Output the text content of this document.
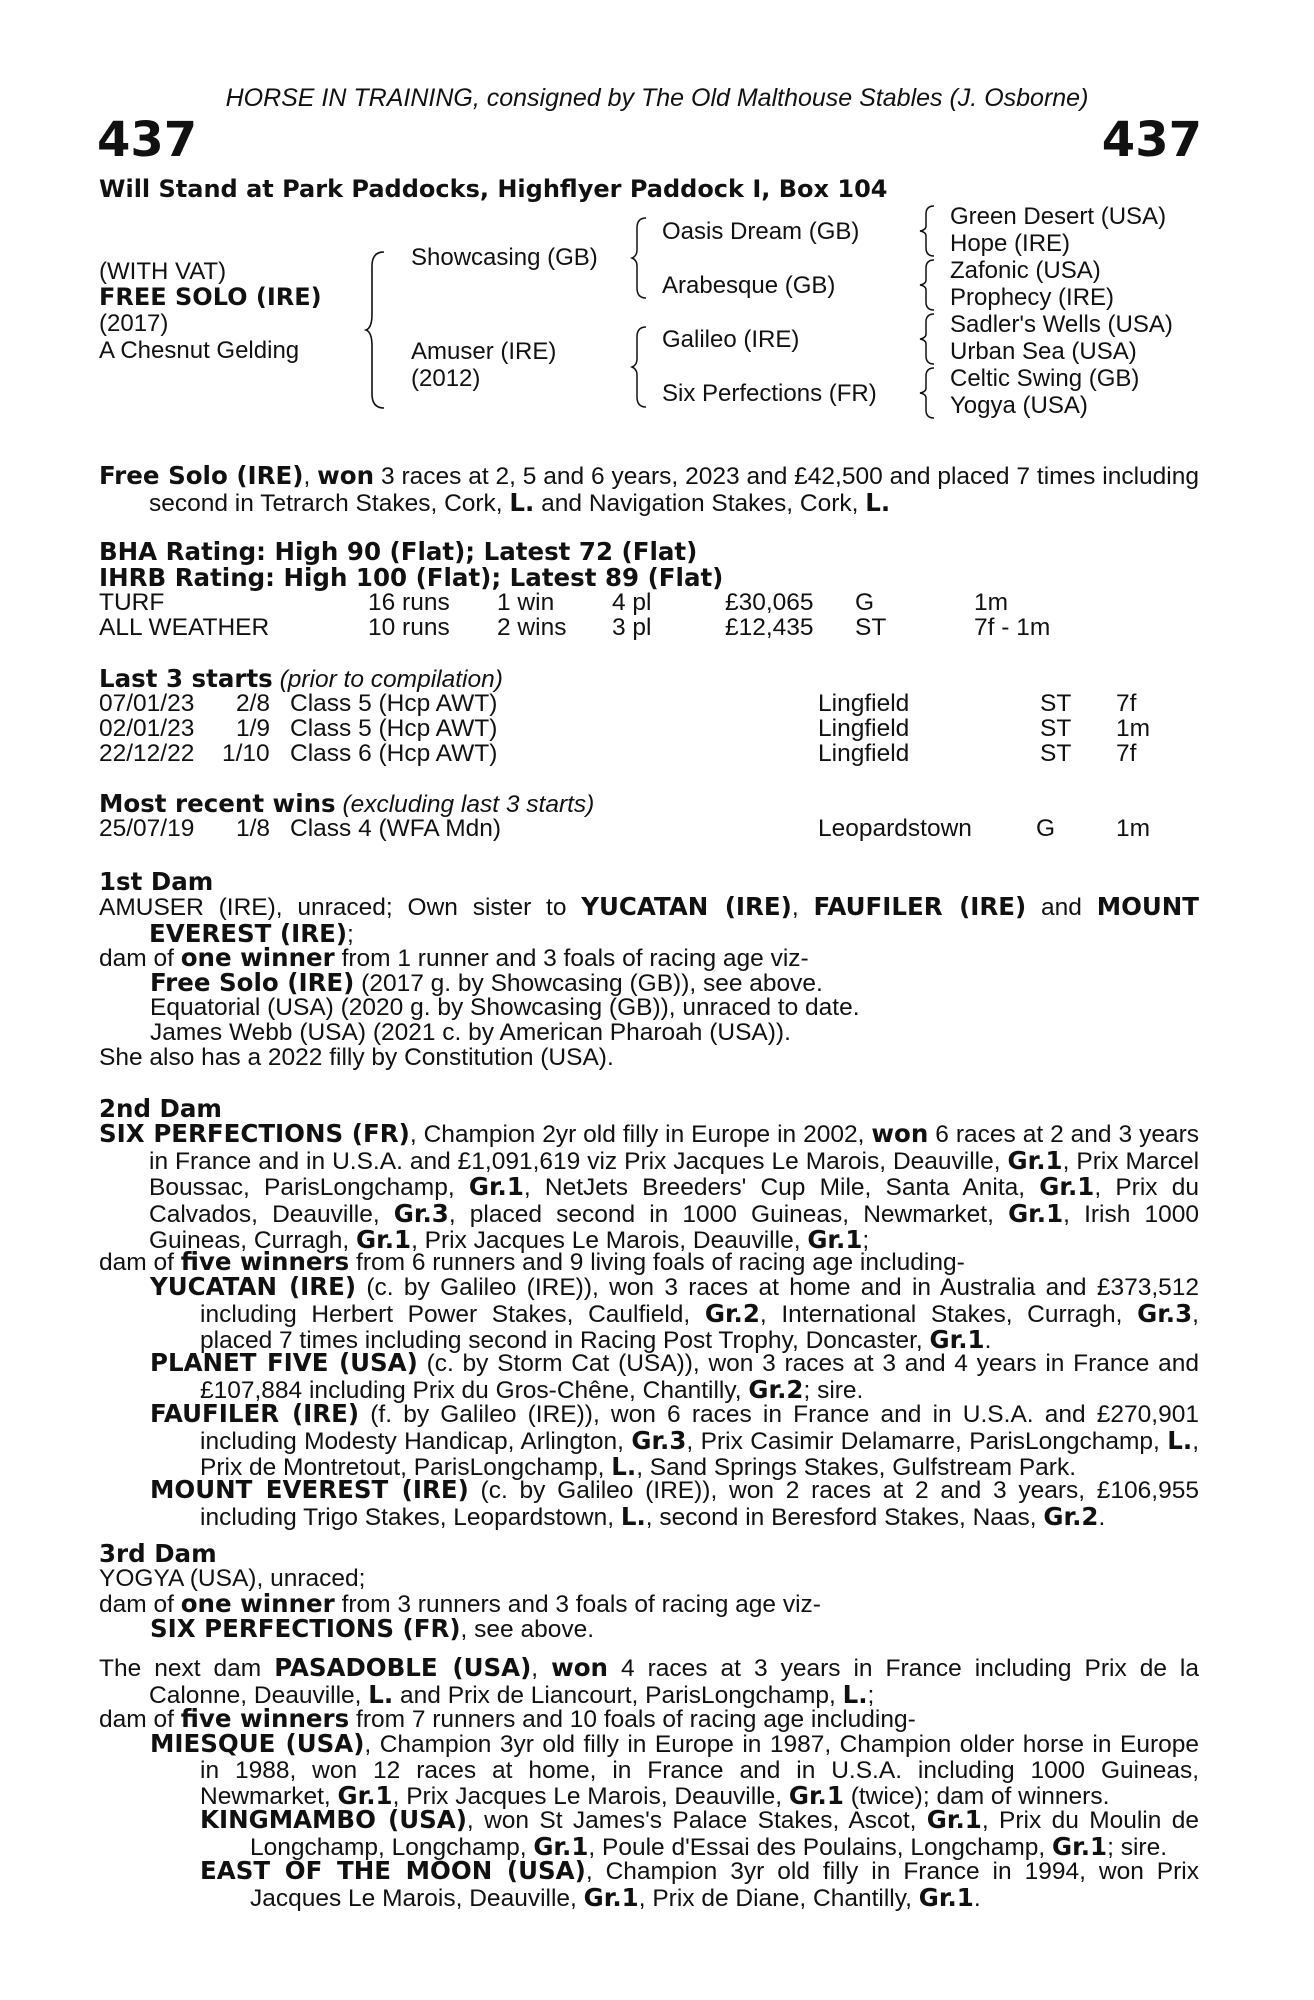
HORSE IN TRAINING, consigned by The Old Malthouse Stables (J. Osborne)
437	437
Will Stand at Park Paddocks, Highflyer Paddock I, Box 104
(WITH VAT)
FREE SOLO (IRE)
(2017)
A Chesnut Gelding
Showcasing (GB)
Amuser (IRE)
(2012)
Oasis Dream (GB)
Arabesque (GB)
Galileo (IRE)
Six Perfections (FR)
Green Desert (USA)
Hope (IRE)
Zafonic (USA)
Prophecy (IRE)
Sadler's Wells (USA)
Urban Sea (USA)
Celtic Swing (GB)
Yogya (USA)
Free Solo (IRE), won 3 races at 2, 5 and 6 years, 2023 and £42,500 and placed 7 times including second in Tetrarch Stakes, Cork, L. and Navigation Stakes, Cork, L.
BHA Rating: High 90 (Flat); Latest 72 (Flat)
IHRB Rating: High 100 (Flat); Latest 89 (Flat)
TURF	16 runs 1 win 4 pl	£30,065 G	1m
ALL WEATHER	10 runs 2 wins 3 pl	£12,435 ST	7f - 1m
Last 3 starts (prior to compilation)
07/01/23 2/8 Class 5 (Hcp AWT)	Lingfield	ST 7f
02/01/23 1/9 Class 5 (Hcp AWT)	Lingfield	ST 1m
22/12/22 1/10 Class 6 (Hcp AWT)	Lingfield	ST 7f
Most recent wins (excluding last 3 starts)
25/07/19 1/8 Class 4 (WFA Mdn)	Leopardstown	G 1m
1st Dam
AMUSER (IRE), unraced; Own sister to YUCATAN (IRE), FAUFILER (IRE) and MOUNT EVEREST (IRE);
dam of one winner from 1 runner and 3 foals of racing age viz-
Free Solo (IRE) (2017 g. by Showcasing (GB)), see above.
Equatorial (USA) (2020 g. by Showcasing (GB)), unraced to date.
James Webb (USA) (2021 c. by American Pharoah (USA)).
She also has a 2022 filly by Constitution (USA).
2nd Dam
SIX PERFECTIONS (FR), Champion 2yr old filly in Europe in 2002, won 6 races at 2 and 3 years in France and in U.S.A. and £1,091,619 viz Prix Jacques Le Marois, Deauville, Gr.1, Prix Marcel Boussac, ParisLongchamp, Gr.1, NetJets Breeders' Cup Mile, Santa Anita, Gr.1, Prix du Calvados, Deauville, Gr.3, placed second in 1000 Guineas, Newmarket, Gr.1, Irish 1000 Guineas, Curragh, Gr.1, Prix Jacques Le Marois, Deauville, Gr.1;
dam of five winners from 6 runners and 9 living foals of racing age including-
YUCATAN (IRE) (c. by Galileo (IRE)), won 3 races at home and in Australia and £373,512 including Herbert Power Stakes, Caulfield, Gr.2, International Stakes, Curragh, Gr.3, placed 7 times including second in Racing Post Trophy, Doncaster, Gr.1.
PLANET FIVE (USA) (c. by Storm Cat (USA)), won 3 races at 3 and 4 years in France and £107,884 including Prix du Gros-Chêne, Chantilly, Gr.2; sire.
FAUFILER (IRE) (f. by Galileo (IRE)), won 6 races in France and in U.S.A. and £270,901 including Modesty Handicap, Arlington, Gr.3, Prix Casimir Delamarre, ParisLongchamp, L., Prix de Montretout, ParisLongchamp, L., Sand Springs Stakes, Gulfstream Park.
MOUNT EVEREST (IRE) (c. by Galileo (IRE)), won 2 races at 2 and 3 years, £106,955 including Trigo Stakes, Leopardstown, L., second in Beresford Stakes, Naas, Gr.2.
3rd Dam
YOGYA (USA), unraced;
dam of one winner from 3 runners and 3 foals of racing age viz-
SIX PERFECTIONS (FR), see above.
The next dam PASADOBLE (USA), won 4 races at 3 years in France including Prix de la Calonne, Deauville, L. and Prix de Liancourt, ParisLongchamp, L.;
dam of five winners from 7 runners and 10 foals of racing age including-
MIESQUE (USA), Champion 3yr old filly in Europe in 1987, Champion older horse in Europe in 1988, won 12 races at home, in France and in U.S.A. including 1000 Guineas, Newmarket, Gr.1, Prix Jacques Le Marois, Deauville, Gr.1 (twice); dam of winners.
KINGMAMBO (USA), won St James's Palace Stakes, Ascot, Gr.1, Prix du Moulin de Longchamp, Longchamp, Gr.1, Poule d'Essai des Poulains, Longchamp, Gr.1; sire.
EAST OF THE MOON (USA), Champion 3yr old filly in France in 1994, won Prix Jacques Le Marois, Deauville, Gr.1, Prix de Diane, Chantilly, Gr.1.
